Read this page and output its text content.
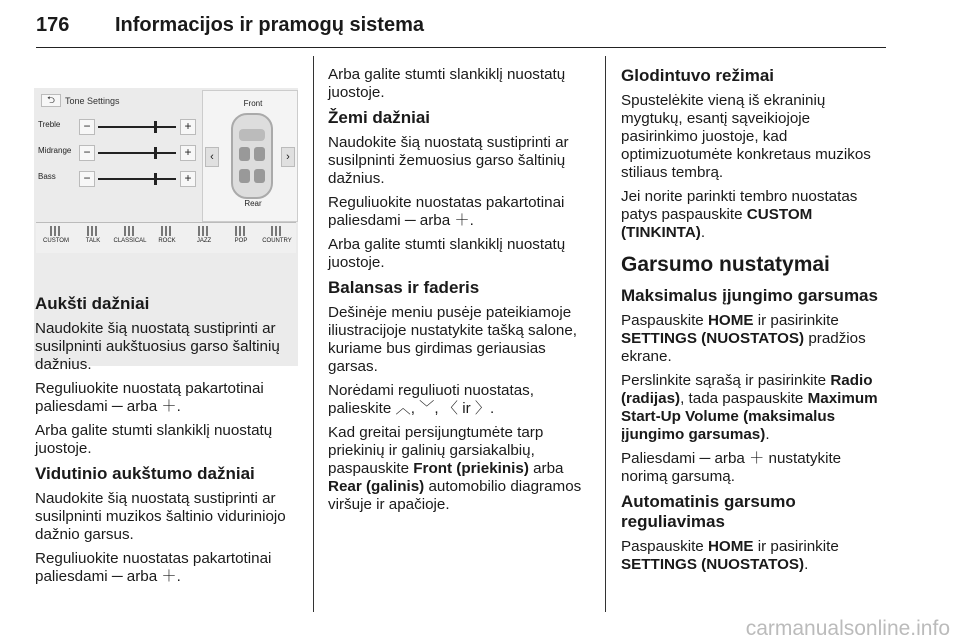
176 Informacijos ir pramogų sistema
⮌	Tone Settings
Treble	−	+
Midrange	−	+
Bass	−	+
Front
‹	›
Rear
CUSTOM	TALK	CLASSICAL	ROCK	JAZZ	POP	COUNTRY
Aukšti dažniai

Naudokite šią nuostatą sustiprinti ar susilpninti aukštuosius garso šaltinių dažnius.

Reguliuokite nuostatą pakartotinai paliesdami ─ arba ＋.

Arba galite stumti slankiklį nuostatų juostoje.

Vidutinio aukštumo dažniai

Naudokite šią nuostatą sustiprinti ar susilpninti muzikos šaltinio viduriniojo dažnio garsus.

Reguliuokite nuostatas pakartotinai paliesdami ─ arba ＋.

Arba galite stumti slankiklį nuostatų juostoje.

Žemi dažniai

Naudokite šią nuostatą sustiprinti ar susilpninti žemuosius garso šaltinių dažnius.

Reguliuokite nuostatas pakartotinai paliesdami ─ arba ＋.

Arba galite stumti slankiklį nuostatų juostoje.

Balansas ir faderis

Dešinėje meniu pusėje pateikiamoje iliustracijoje nustatykite tašką salone, kuriame bus girdimas geriausias garsas.

Norėdami reguliuoti nuostatas, palieskite ︿, ﹀, 〈 ir 〉.

Kad greitai persijungtumėte tarp priekinių ir galinių garsiakalbių, paspauskite Front (priekinis) arba Rear (galinis) automobilio diagramos viršuje ir apačioje.

Glodintuvo režimai

Spustelėkite vieną iš ekraninių mygtukų, esantį sąveikiojoje pasirinkimo juostoje, kad optimizuotumėte konkretaus muzikos stiliaus tembrą.

Jei norite parinkti tembro nuostatas patys paspauskite CUSTOM (TINKINTA).

Garsumo nustatymai
Maksimalus įjungimo garsumas

Paspauskite HOME ir pasirinkite SETTINGS (NUOSTATOS) pradžios ekrane.

Perslinkite sąrašą ir pasirinkite Radio (radijas), tada paspauskite Maximum Start-Up Volume (maksimalus įjungimo garsumas).

Paliesdami ─ arba ＋ nustatykite norimą garsumą.

Automatinis garsumo reguliavimas

Paspauskite HOME ir pasirinkite SETTINGS (NUOSTATOS).

carmanualsonline.info
